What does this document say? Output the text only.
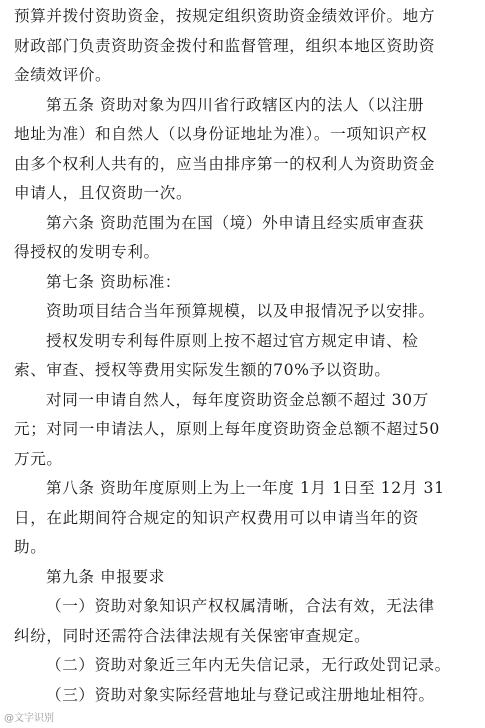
预算并拨付资助资金，按规定组织资助资金绩效评价。地方
财政部门负责资助资金拨付和监督管理，组织本地区资助资
金绩效评价。
第五条 资助对象为四川省行政辖区内的法人（以注册
地址为准）和自然人（以身份证地址为准）。一项知识产权
由多个权利人共有的，应当由排序第一的权利人为资助资金
申请人，且仅资助一次。
第六条 资助范围为在国（境）外申请且经实质审查获
得授权的发明专利。
第七条 资助标准：
资助项目结合当年预算规模，以及申报情况予以安排。
授权发明专利每件原则上按不超过官方规定申请、检
索、审查、授权等费用实际发生额的70%予以资助。
对同一申请自然人，每年度资助资金总额不超过 30万
元；对同一申请法人，原则上每年度资助资金总额不超过50
万元。
第八条 资助年度原则上为上一年度 1月 1日至 12月 31
日，在此期间符合规定的知识产权费用可以申请当年的资
助。
第九条 申报要求
（一）资助对象知识产权权属清晰，合法有效，无法律
纠纷，同时还需符合法律法规有关保密审查规定。
（二）资助对象近三年内无失信记录，无行政处罚记录。
（三）资助对象实际经营地址与登记或注册地址相符。
@文字识别
